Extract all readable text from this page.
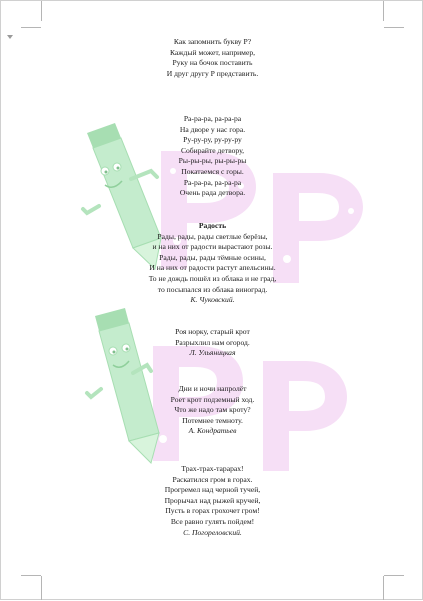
Как запомнить букву Р?
Каждый может, например,
Руку на бочок поставить
И друг другу Р представить.
Ра-ра-ра, ра-ра-ра
На дворе у нас гора.
Ру-ру-ру, ру-ру-ру
Собирайте детвору,
Ры-ры-ры, ры-ры-ры
Покатаемся с горы.
Ра-ра-ра, ра-ра-ра
Очень рада детвора.
Радость
Рады, рады, рады светлые берёзы,
и на них от радости вырастают розы.
Рады, рады, рады тёмные осины,
И на них от радости растут апельсины.
То не дождь пошёл из облака и не град,
то посыпался из облака виноград.
К. Чуковский.
Роя норку, старый крот
Разрыхлил нам огород.
Л. Ульяницкая
Дни и ночи напролёт
Роет крот подземный ход.
Что же надо там кроту?
Потемнее темноту.
А. Кондратьев
Трах-трах-тарарах!
Раскатился гром в горах.
Прогремел над черной тучей,
Прорычал над рыжей кручей,
Пусть в горах грохочет гром!
Все равно гулять пойдем!
С. Погореловский.
